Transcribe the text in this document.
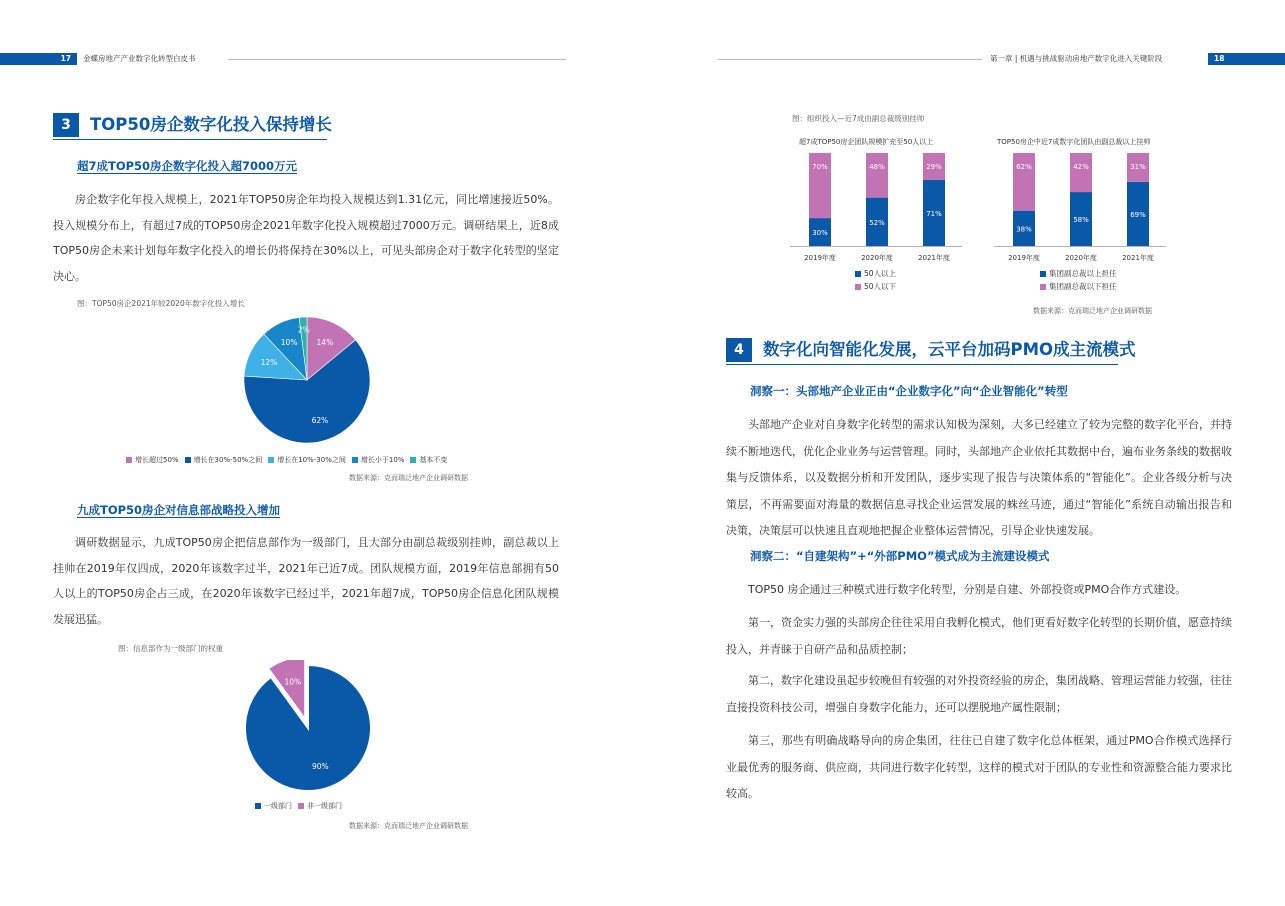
17 金蝶房地产产业数字化转型白皮书
3	TOP50房企数字化投入保持增长
超7成TOP50房企数字化投入超7000万元

房企数字化年投入规模上，2021年TOP50房企年均投入规模达到1.31亿元，同比增速接近50%。投入规模分布上，有超过7成的TOP50房企2021年数字化投入规模超过7000万元。调研结果上，近8成TOP50房企未来计划每年数字化投入的增长仍将保持在30%以上，可见头部房企对于数字化转型的坚定决心。

图：TOP50房企2021年较2020年数字化投入增长
14%
62%
12%
10%
2%
增长超过50% 增长在30%-50%之间 增长在10%-30%之间 增长小于10% 基本不变
数据来源：克而瑞泛地产企业调研数据
九成TOP50房企对信息部战略投入增加

调研数据显示，九成TOP50房企把信息部作为一级部门，且大部分由副总裁级别挂帅，副总裁以上挂帅在2019年仅四成，2020年该数字过半，2021年已近7成。团队规模方面，2019年信息部拥有50人以上的TOP50房企占三成，在2020年该数字已经过半，2021年超7成，TOP50房企信息化团队规模发展迅猛。

图：信息部作为一级部门的权重
90%
10%
一级部门 非一级部门
数据来源：克而瑞泛地产企业调研数据
第一章 | 机遇与挑战驱动房地产数字化进入关键阶段	18
图：组织投入—近7成由副总裁级别挂帅
超7成TOP50房企团队规模扩充至50人以上
30%
70%
2019年度
52%
48%
2020年度
71%
29%
2021年度
TOP50房企中近7成数字化团队由副总裁以上挂帅
38%
62%
2019年度
58%
42%
2020年度
69%
31%
2021年度
50人以上
50人以下
集团副总裁以上担任
集团副总裁以下担任
数据来源：克而瑞泛地产企业调研数据
4	数字化向智能化发展，云平台加码PMO成主流模式
洞察一：头部地产企业正由“企业数字化”向“企业智能化”转型

头部地产企业对自身数字化转型的需求认知极为深刻，大多已经建立了较为完整的数字化平台，并持续不断地迭代，优化企业业务与运营管理。同时，头部地产企业依托其数据中台，遍布业务条线的数据收集与反馈体系，以及数据分析和开发团队，逐步实现了报告与决策体系的“智能化”。企业各级分析与决策层，不再需要面对海量的数据信息寻找企业运营发展的蛛丝马迹，通过“智能化”系统自动输出报告和决策，决策层可以快速且直观地把握企业整体运营情况，引导企业快速发展。

洞察二：“自建架构”+“外部PMO”模式成为主流建设模式

TOP50 房企通过三种模式进行数字化转型，分别是自建、外部投资或PMO合作方式建设。

第一，资金实力强的头部房企往往采用自我孵化模式，他们更看好数字化转型的长期价值，愿意持续投入，并青睐于自研产品和品质控制；

第二，数字化建设虽起步较晚但有较强的对外投资经验的房企，集团战略、管理运营能力较强，往往直接投资科技公司，增强自身数字化能力，还可以摆脱地产属性限制；

第三，那些有明确战略导向的房企集团，往往已自建了数字化总体框架，通过PMO合作模式选择行业最优秀的服务商、供应商，共同进行数字化转型，这样的模式对于团队的专业性和资源整合能力要求比较高。
